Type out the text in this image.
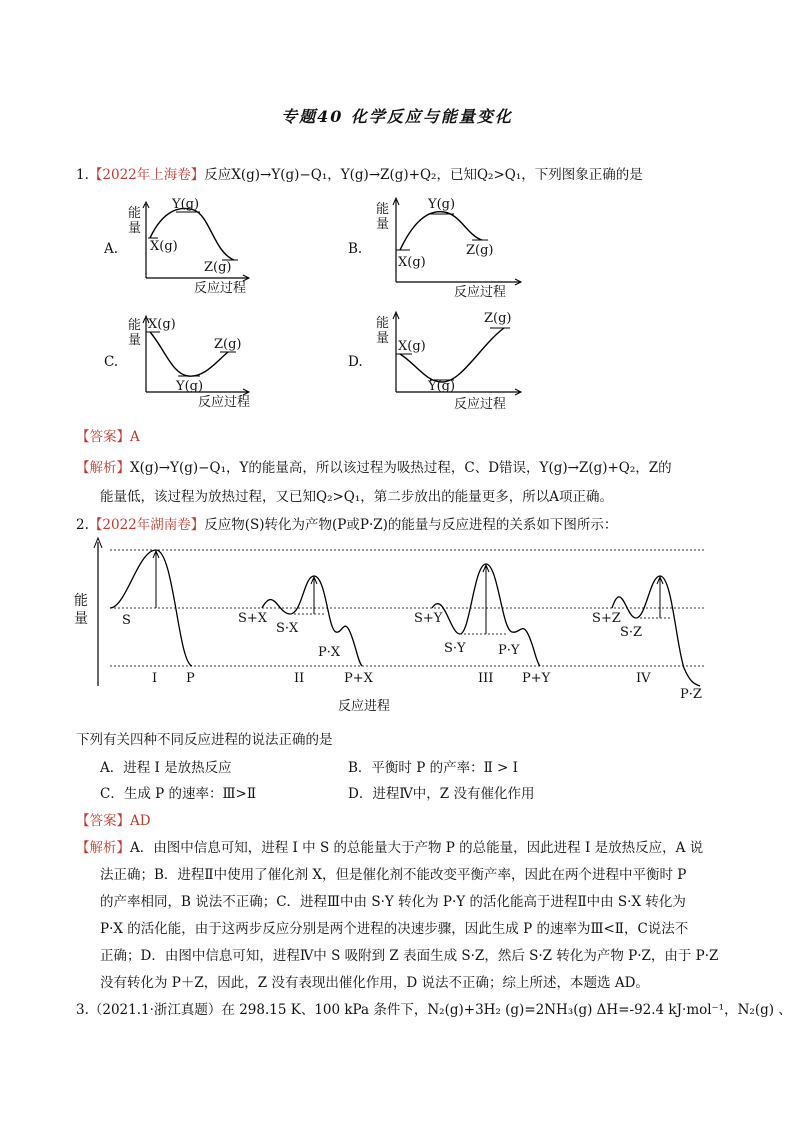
专题40 化学反应与能量变化
1.【2022年上海卷】反应X(g)→Y(g)−Q₁，Y(g)→Z(g)+Q₂，已知Q₂>Q₁，下列图象正确的是
A.	B.
C.	D.
X(g)
Y(g)
Z(g)
反应过程
能量
X(g)
Y(g)
Z(g)
反应过程
能量
X(g)
Y(g)
Z(g)
反应过程
能量	X(g)
Y(g)
Z(g)
反应过程
能量
【答案】A
【解析】X(g)→Y(g)−Q₁，Y的能量高，所以该过程为吸热过程，C、D错误，Y(g)→Z(g)+Q₂，Z的
能量低，该过程为放热过程，又已知Q₂>Q₁，第二步放出的能量更多，所以A项正确。
2.【2022年湖南卷】反应物(S)转化为产物(P或P·Z)的能量与反应进程的关系如下图所示：
S
I P
S+X
S·X
P·X
II	P+X
S+Y
S·Y P·Y
III P+Y
S+Z
S·Z
IV
P·Z
反应进程
能量
下列有关四种不同反应进程的说法正确的是
A．进程 I 是放热反应	B．平衡时 P 的产率：Ⅱ > I
C．生成 P 的速率：Ⅲ>Ⅱ	D．进程Ⅳ中，Z 没有催化作用
【答案】AD
【解析】A．由图中信息可知，进程 I 中 S 的总能量大于产物 P 的总能量，因此进程 I 是放热反应，A 说
法正确；B．进程Ⅱ中使用了催化剂 X，但是催化剂不能改变平衡产率，因此在两个进程中平衡时 P
的产率相同，B 说法不正确；C．进程Ⅲ中由 S·Y 转化为 P·Y 的活化能高于进程Ⅱ中由 S·X 转化为
P·X 的活化能，由于这两步反应分别是两个进程的决速步骤，因此生成 P 的速率为Ⅲ<Ⅱ，C说法不
正确；D．由图中信息可知，进程Ⅳ中 S 吸附到 Z 表面生成 S·Z，然后 S·Z 转化为产物 P·Z，由于 P·Z
没有转化为 P＋Z，因此，Z 没有表现出催化作用，D 说法不正确；综上所述，本题选 AD。
3.（2021.1·浙江真题）在 298.15 K、100 kPa 条件下，N₂(g)+3H₂ (g)=2NH₃(g) ΔH=-92.4 kJ·mol⁻¹，N₂(g) 、
